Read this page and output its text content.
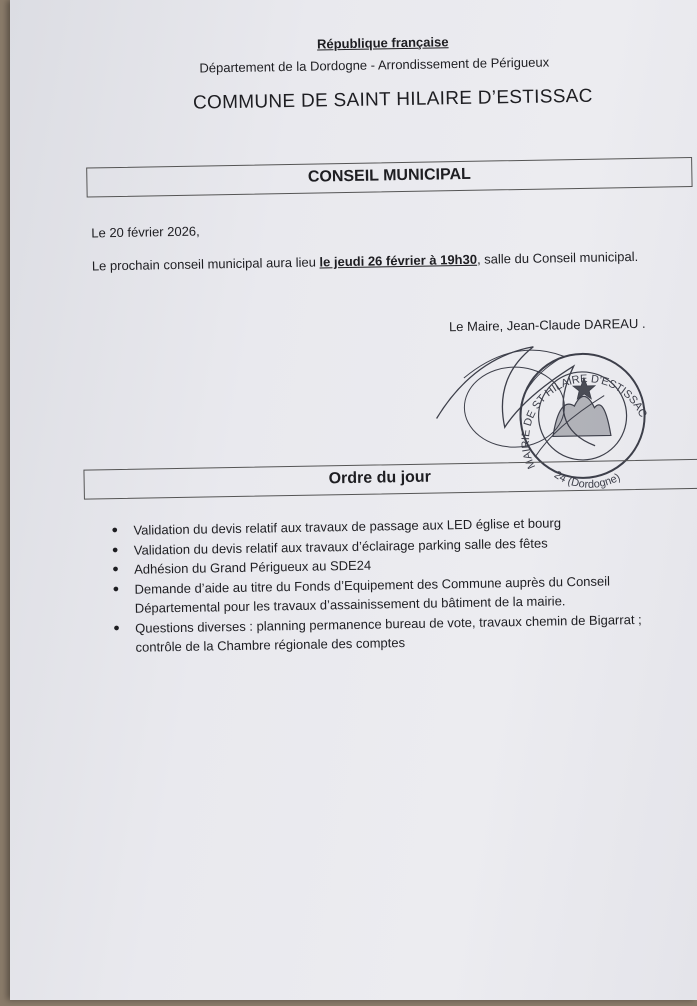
République française
Département de la Dordogne - Arrondissement de Périgueux
COMMUNE DE SAINT HILAIRE D’ESTISSAC
CONSEIL MUNICIPAL
Le 20 février 2026,
Le prochain conseil municipal aura lieu le jeudi 26 février à 19h30, salle du Conseil municipal.
Le Maire, Jean-Claude DAREAU .
MAIRIE DE ST HILAIRE D'ESTISSAC
24 (Dordogne)
Ordre du jour
● Validation du devis relatif aux travaux de passage aux LED église et bourg
● Validation du devis relatif aux travaux d’éclairage parking salle des fêtes
● Adhésion du Grand Périgueux au SDE24
● Demande d’aide au titre du Fonds d’Equipement des Commune auprès du Conseil Départemental pour les travaux d’assainissement du bâtiment de la mairie.
● Questions diverses : planning permanence bureau de vote, travaux chemin de Bigarrat ; contrôle de la Chambre régionale des comptes
